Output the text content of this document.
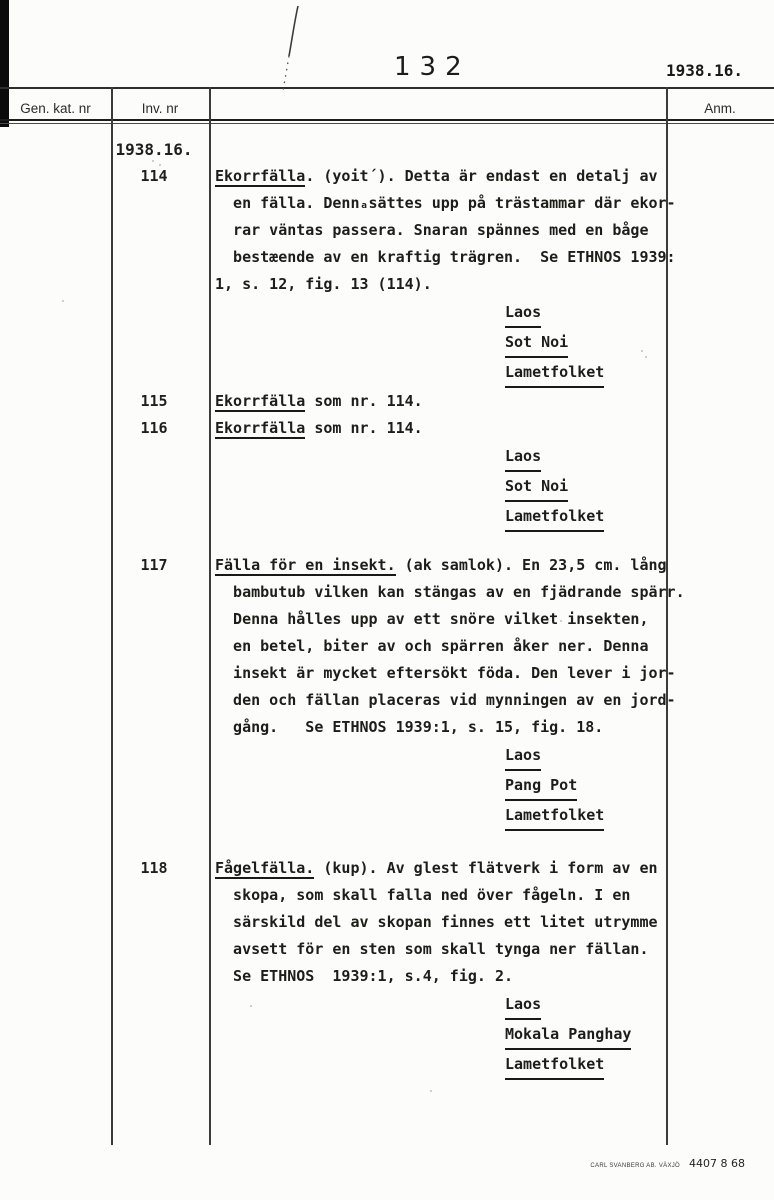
132	1938.16.
Gen. kat. nr	Inv. nr	Anm.
1938.16.
114	Ekorrfälla. (yoit´). Detta är endast en detalj av
en fälla. Dennₐsättes upp på trästammar där ekor-
rar väntas passera. Snaran spännes med en båge
bestæende av en kraftig trägren.  Se ETHNOS 1939:
1, s. 12, fig. 13 (114).
Laos
Sot Noi
Lametfolket
115	Ekorrfälla som nr. 114.
116	Ekorrfälla som nr. 114.
Laos
Sot Noi
Lametfolket
117	Fälla för en insekt. (ak samlok). En 23,5 cm. lång
bambutub vilken kan stängas av en fjädrande spärr.
Denna hålles upp av ett snöre vilket insekten,
en betel, biter av och spärren åker ner. Denna
insekt är mycket eftersökt föda. Den lever i jor-
den och fällan placeras vid mynningen av en jord-
gång.   Se ETHNOS 1939:1, s. 15, fig. 18.
Laos
Pang Pot
Lametfolket
118	Fågelfälla. (kup). Av glest flätverk i form av en
skopa, som skall falla ned över fågeln. I en
särskild del av skopan finnes ett litet utrymme
avsett för en sten som skall tynga ner fällan.
Se ETHNOS  1939:1, s.4, fig. 2.
Laos
Mokala Panghay
Lametfolket
CARL SVANBERG AB. VÄXJÖ 4407 8 68
